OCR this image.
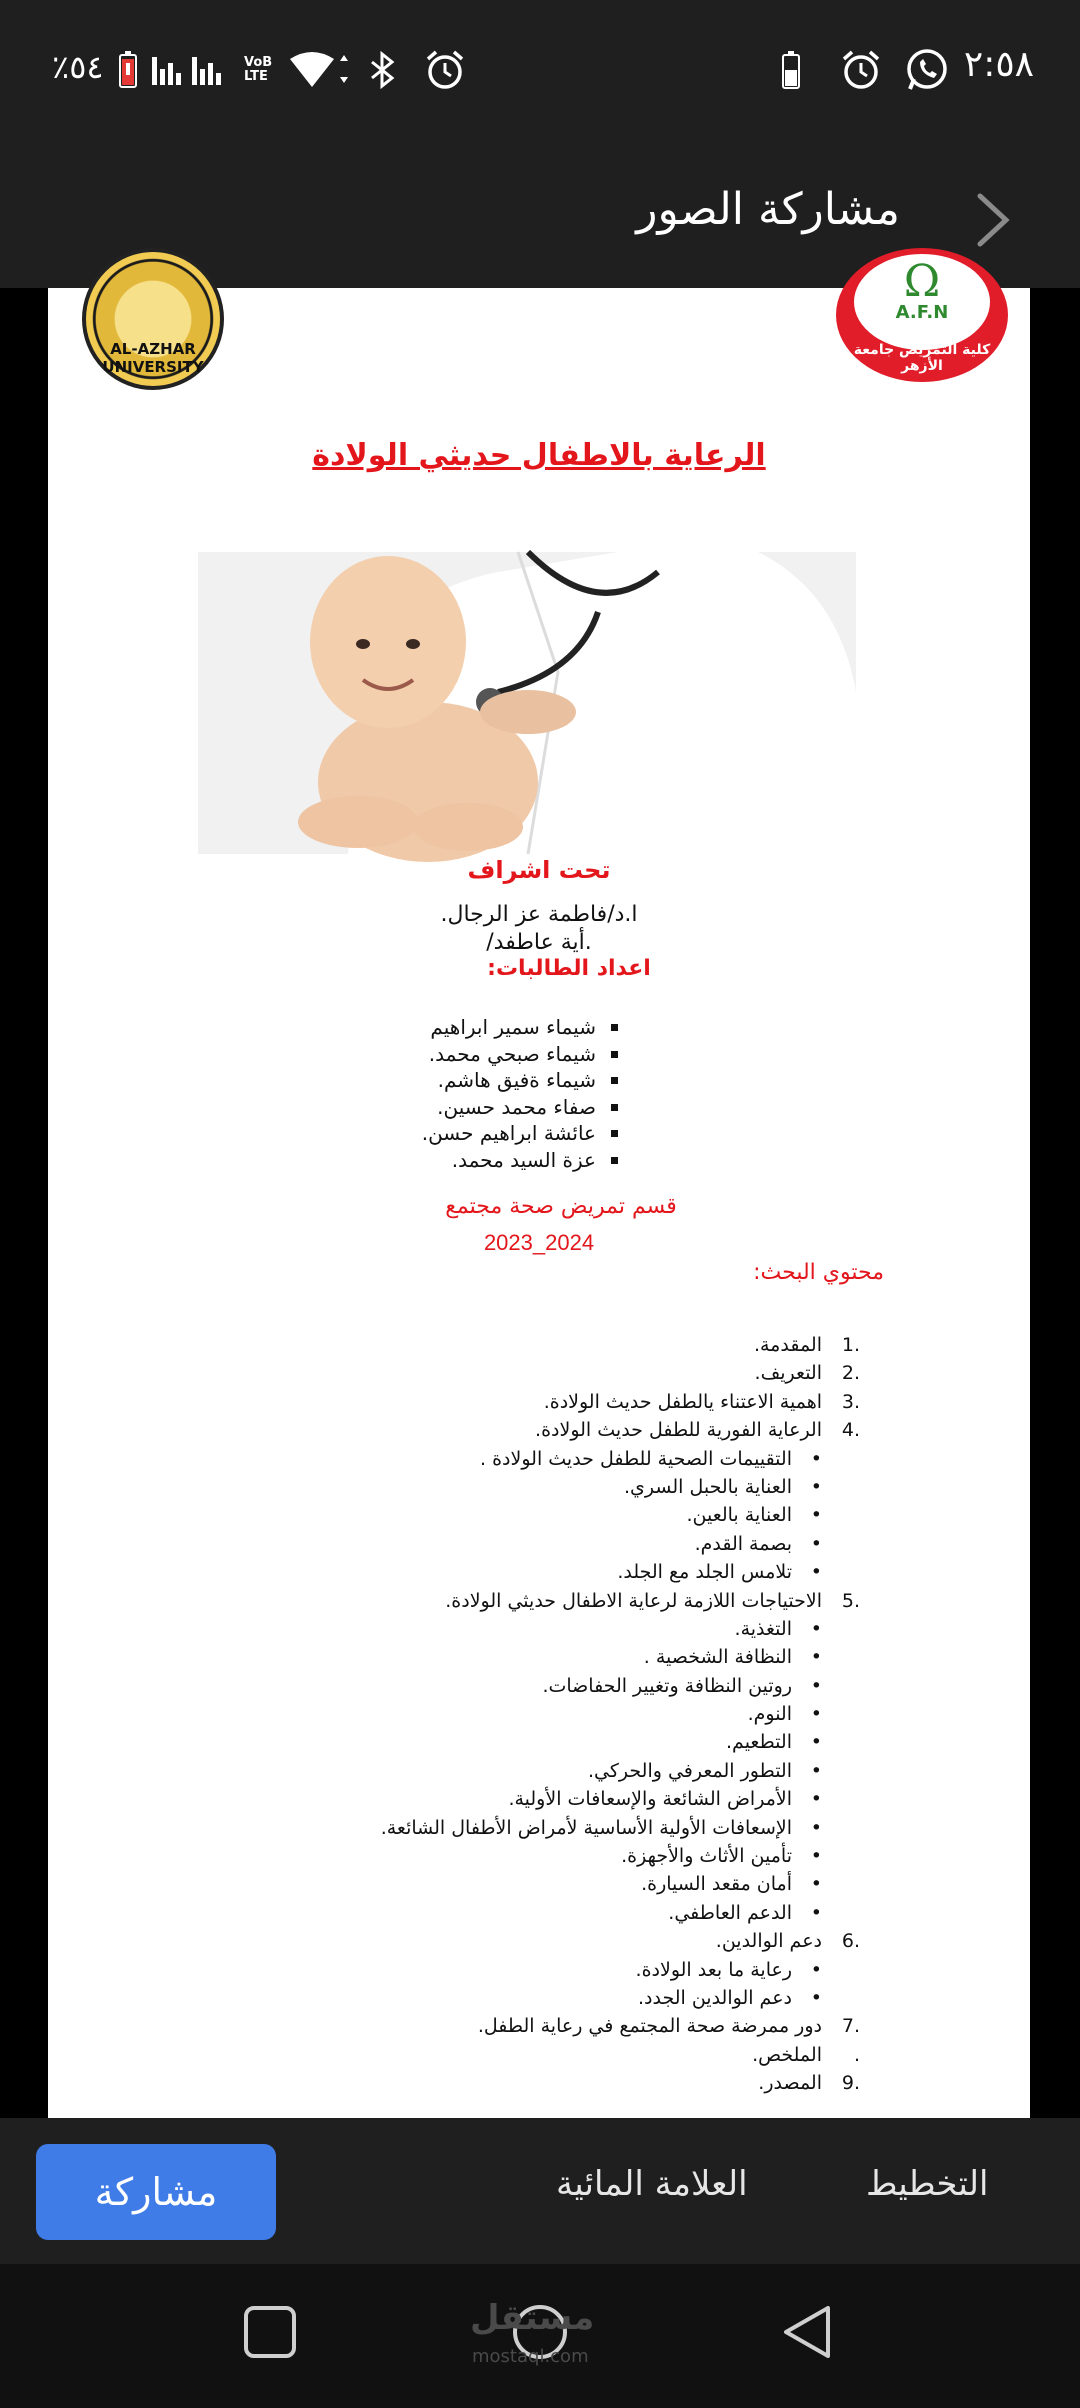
٥٤٪	VoB LTE	٢:٥٨
مشاركة الصور
AL-AZHAR UNIVERSITY
Ω
A.F.N
كلية التمريض جامعة الأزهر
الرعاية بالاطفال حديثي الولادة
تحت اشراف
ا.د/فاطمة عز الرجال.
.أية عاطفد/
اعداد الطالبات:
شيماء سمير ابراهيم
شيماء صبحي محمد.
شيماء ةفيق هاشم.
صفاء محمد حسين.
عائشة ابراهيم حسن.
عزة السيد محمد.
قسم تمريض صحة مجتمع
2023_2024
محتوي البحث:
1.
المقدمة.
2.
التعريف.
3.
اهمية الاعتناء يالطفل حديث الولادة.
4.
الرعاية الفورية للطفل حديث الولادة.
•
التقييمات الصحية للطفل حديث الولادة .
•
العناية بالحبل السري.
•
العناية بالعين.
•
بصمة القدم.
•
تلامس الجلد مع الجلد.
5.
الاحتياجات اللازمة لرعاية الاطفال حديثي الولادة.
•
التغذية.
•
النظافة الشخصية .
•
روتين النظافة وتغيير الحفاضات.
•
النوم.
•
التطعيم.
•
التطور المعرفي والحركي.
•
الأمراض الشائعة والإسعافات الأولية.
•
الإسعافات الأولية الأساسية لأمراض الأطفال الشائعة.
•
تأمين الأثاث والأجهزة.
•
أمان مقعد السيارة.
•
الدعم العاطفي.
6.
دعم الوالدين.
•
رعاية ما بعد الولادة.
•
دعم الوالدين الجدد.
7.
دور ممرضة صحة المجتمع في رعاية الطفل.
.
الملخص.
9.
المصدر.
مشاركة	العلامة المائية	التخطيط
مستقل
mostaql.com
